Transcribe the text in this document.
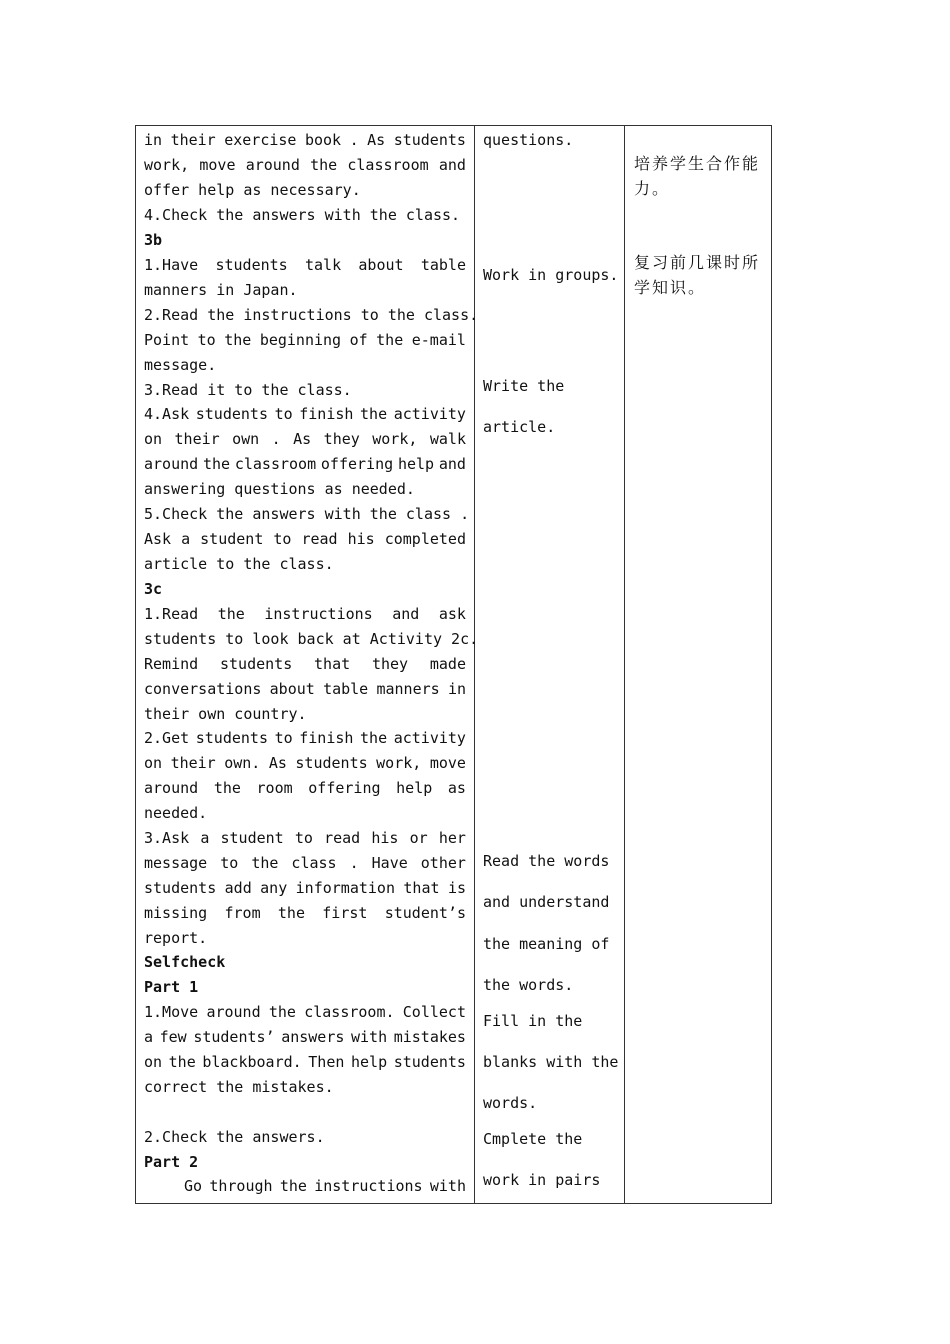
in their exercise book . As students
work, move around the classroom and
offer help as necessary.
4.Check the answers with the class.
3b
1.Have students talk about table
manners in Japan.
2.Read the instructions to the class.
Point to the beginning of the e-mail
message.
3.Read it to the class.
4.Ask students to finish the activity
on their own . As they work, walk
around the classroom offering help and
answering questions as needed.
5.Check the answers with the class .
Ask a student to read his completed
article to the class.
3c
1.Read the instructions and ask
students to look back at Activity 2c.
Remind students that they made
conversations about table manners in
their own country.
2.Get students to finish the activity
on their own. As students work, move
around the room offering help as
needed.
3.Ask a student to read his or her
message to the class . Have other
students add any information that is
missing from the first student’s
report.
Selfcheck
Part 1
1.Move around the classroom. Collect
a few students’ answers with mistakes
on the blackboard. Then help students
correct the mistakes.
2.Check the answers.
Part 2
Go through the instructions with
questions.
Work in groups.
Write the
article.
Read the words
and understand
the meaning of
the words.
Fill in the
blanks with the
words.
Cmplete the
work in pairs
培养学生合作能
力。
复习前几课时所
学知识。
